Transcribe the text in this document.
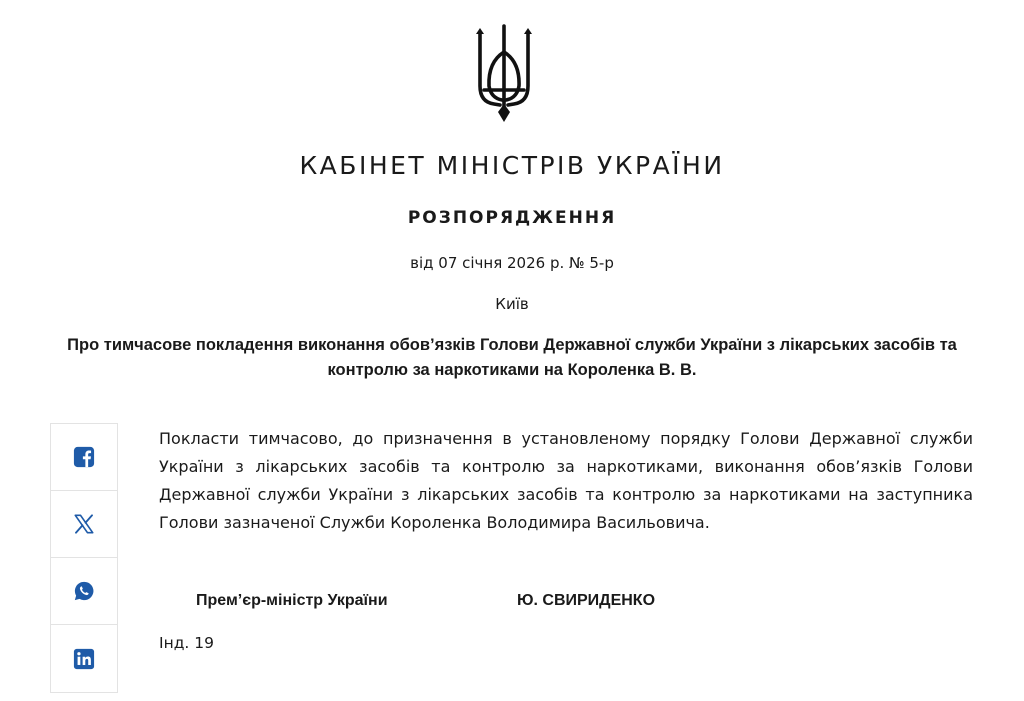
КАБІНЕТ МІНІСТРІВ УКРАЇНИ
РОЗПОРЯДЖЕННЯ

від 07 січня 2026 р. № 5-р

Київ

Про тимчасове покладення виконання обов’язків Голови Державної служби України з лікарських засобів та контролю за наркотиками на Короленка В. В.

Покласти тимчасово, до призначення в установленому порядку Голови Державної служби України з лікарських засобів та контролю за наркотиками, виконання обов’язків Голови Державної служби України з лікарських засобів та контролю за наркотиками на заступника Голови зазначеної Служби Короленка Володимира Васильовича.

Прем’єр-міністр України	Ю. СВИРИДЕНКО

Інд. 19
